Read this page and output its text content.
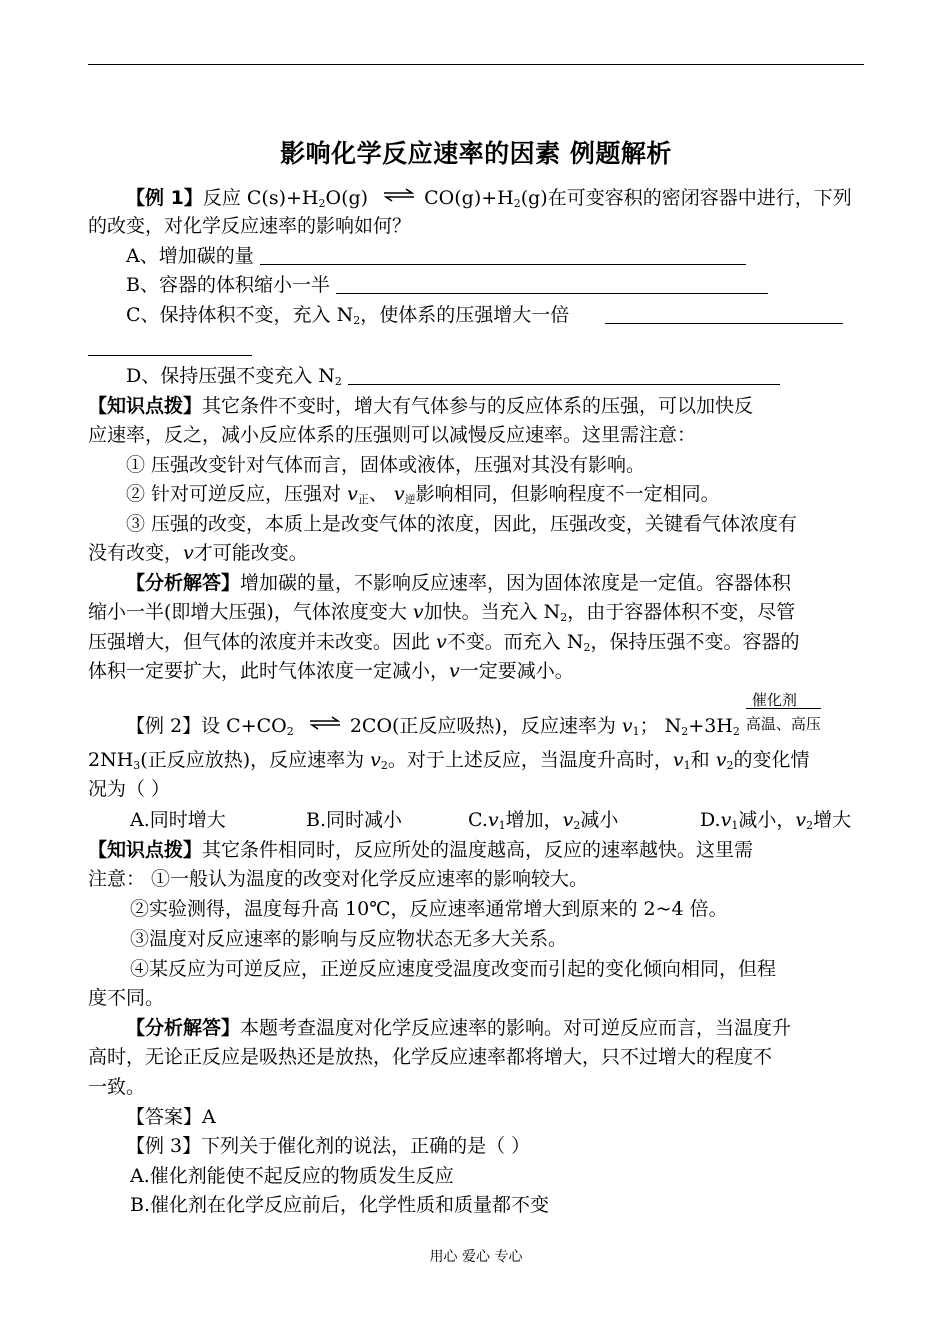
影响化学反应速率的因素 例题解析
【例 1】反应 $C(s)+H_2O(g)$ ⇌ $CO(g)+H_2(g)$在可变容积的密闭容器中进行，下列
的改变，对化学反应速率的影响如何？
A、增加碳的量
B、容器的体积缩小一半
C、保持体积不变，充入 $N_2$，使体系的压强增大一倍
D、保持压强不变充入 $N_2$
【知识点拨】其它条件不变时，增大有气体参与的反应体系的压强，可以加快反
应速率，反之，减小反应体系的压强则可以减慢反应速率。这里需注意：
① 压强改变针对气体而言，固体或液体，压强对其没有影响。
② 针对可逆反应，压强对 $v_正$、 $v_逆$影响相同，但影响程度不一定相同。
③ 压强的改变，本质上是改变气体的浓度，因此，压强改变，关键看气体浓度有
没有改变，v才可能改变。
【分析解答】增加碳的量，不影响反应速率，因为固体浓度是一定值。容器体积
缩小一半(即增大压强)，气体浓度变大 v加快。当充入 $N_2$，由于容器体积不变，尽管
压强增大，但气体的浓度并未改变。因此 v不变。而充入 $N_2$，保持压强不变。容器的
体积一定要扩大，此时气体浓度一定减小，v一定要减小。
【例 2】设 $C+CO_2$ ⇌ 2CO(正反应吸热)，反应速率为 $v_1$； $N_2+3H_2$
催化剂
高温、高压
$2NH_3$(正反应放热)，反应速率为 $v_2$。对于上述反应，当温度升高时，$v_1$和 $v_2$的变化情
况为（ ）
A.同时增大	B.同时减小	$C.v_1$增加，$v_2$减小	$D.v_1$减小，$v_2$增大
【知识点拨】其它条件相同时，反应所处的温度越高，反应的速率越快。这里需
注意： ①一般认为温度的改变对化学反应速率的影响较大。
②实验测得，温度每升高 10℃，反应速率通常增大到原来的 2~4 倍。
③温度对反应速率的影响与反应物状态无多大关系。
④某反应为可逆反应，正逆反应速度受温度改变而引起的变化倾向相同，但程
度不同。
【分析解答】本题考查温度对化学反应速率的影响。对可逆反应而言，当温度升
高时，无论正反应是吸热还是放热，化学反应速率都将增大，只不过增大的程度不
一致。
【答案】A
【例 3】下列关于催化剂的说法，正确的是（ ）
A.催化剂能使不起反应的物质发生反应
B.催化剂在化学反应前后，化学性质和质量都不变
用心 爱心 专心
